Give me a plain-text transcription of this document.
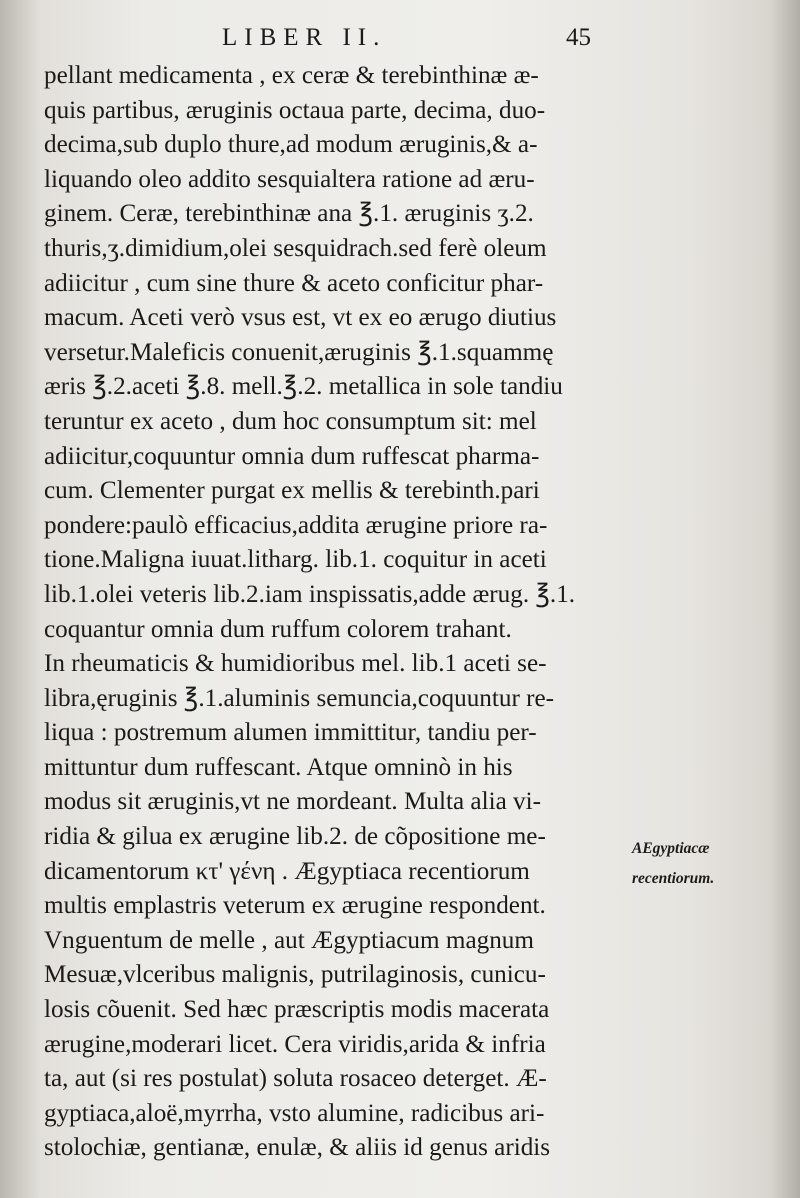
LIBER II.	45
pellant medicamenta , ex ceræ & terebinthinæ æ-
quis partibus, æruginis octaua parte, decima, duo-
decima,sub duplo thure,ad modum æruginis,& a-
liquando oleo addito sesquialtera ratione ad æru-
ginem. Ceræ, terebinthinæ ana ℥.1. æruginis ʒ.2.
thuris,ʒ.dimidium,olei sesquidrach.sed ferè oleum
adiicitur , cum sine thure & aceto conficitur phar-
macum. Aceti verò vsus est, vt ex eo ærugo diutius
versetur.Maleficis conuenit,æruginis ℥.1.squammę
æris ℥.2.aceti ℥.8. mell.℥.2. metallica in sole tandiu
teruntur ex aceto , dum hoc consumptum sit: mel
adiicitur,coquuntur omnia dum ruffescat pharma-
cum. Clementer purgat ex mellis & terebinth.pari
pondere:paulò efficacius,addita ærugine priore ra-
tione.Maligna iuuat.litharg. lib.1. coquitur in aceti
lib.1.olei veteris lib.2.iam inspissatis,adde ærug. ℥.1.
coquantur omnia dum ruffum colorem trahant.
In rheumaticis & humidioribus mel. lib.1 aceti se-
libra,ęruginis ℥.1.aluminis semuncia,coquuntur re-
liqua : postremum alumen immittitur, tandiu per-
mittuntur dum ruffescant. Atque omninò in his
modus sit æruginis,vt ne mordeant. Multa alia vi-
ridia & gilua ex ærugine lib.2. de cõpositione me-
dicamentorum κτ' γένη . Ægyptiaca recentiorum
multis emplastris veterum ex ærugine respondent.
Vnguentum de melle , aut Ægyptiacum magnum
Mesuæ,vlceribus malignis, putrilaginosis, cunicu-
losis cõuenit. Sed hæc præscriptis modis macerata
ærugine,moderari licet. Cera viridis,arida & infria
ta, aut (si res postulat) soluta rosaceo deterget. Æ-
gyptiaca,aloë,myrrha, vsto alumine, radicibus ari-
stolochiæ, gentianæ, enulæ, & aliis id genus aridis
AEgyptiacæ
recentiorum.
